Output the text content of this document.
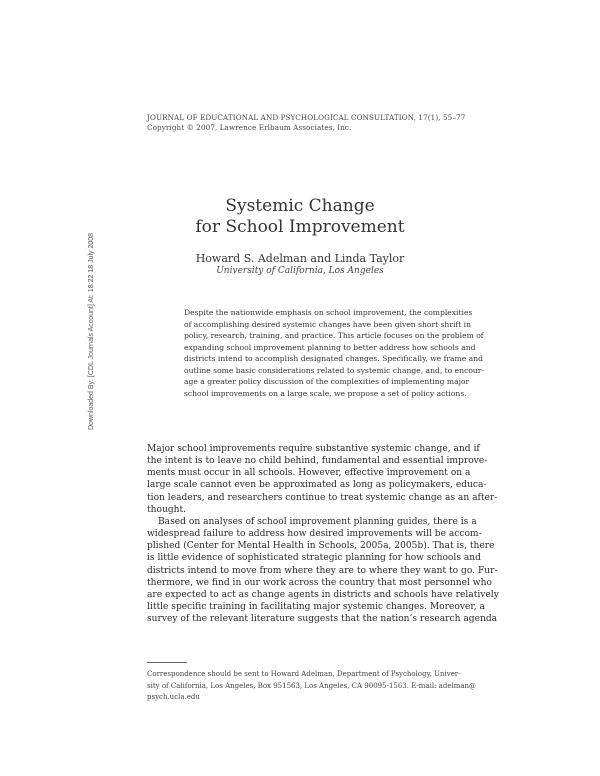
JOURNAL OF EDUCATIONAL AND PSYCHOLOGICAL CONSULTATION, 17(1), 55–77
Copyright © 2007, Lawrence Erlbaum Associates, Inc.
Downloaded By: [CDL Journals Account] At: 18:22 18 July 2008
Systemic Change
for School Improvement
Howard S. Adelman and Linda Taylor
University of California, Los Angeles
Despite the nationwide emphasis on school improvement, the complexities
of accomplishing desired systemic changes have been given short shrift in
policy, research, training, and practice. This article focuses on the problem of
expanding school improvement planning to better address how schools and
districts intend to accomplish designated changes. Specifically, we frame and
outline some basic considerations related to systemic change, and, to encour-
age a greater policy discussion of the complexities of implementing major
school improvements on a large scale, we propose a set of policy actions.
Major school improvements require substantive systemic change, and if
the intent is to leave no child behind, fundamental and essential improve-
ments must occur in all schools. However, effective improvement on a
large scale cannot even be approximated as long as policymakers, educa-
tion leaders, and researchers continue to treat systemic change as an after-
thought.
Based on analyses of school improvement planning guides, there is a
widespread failure to address how desired improvements will be accom-
plished (Center for Mental Health in Schools, 2005a, 2005b). That is, there
is little evidence of sophisticated strategic planning for how schools and
districts intend to move from where they are to where they want to go. Fur-
thermore, we find in our work across the country that most personnel who
are expected to act as change agents in districts and schools have relatively
little specific training in facilitating major systemic changes. Moreover, a
survey of the relevant literature suggests that the nation’s research agenda
Correspondence should be sent to Howard Adelman, Department of Psychology, Univer-
sity of California, Los Angeles, Box 951563, Los Angeles, CA 90095-1563. E-mail: adelman@
psych.ucla.edu
